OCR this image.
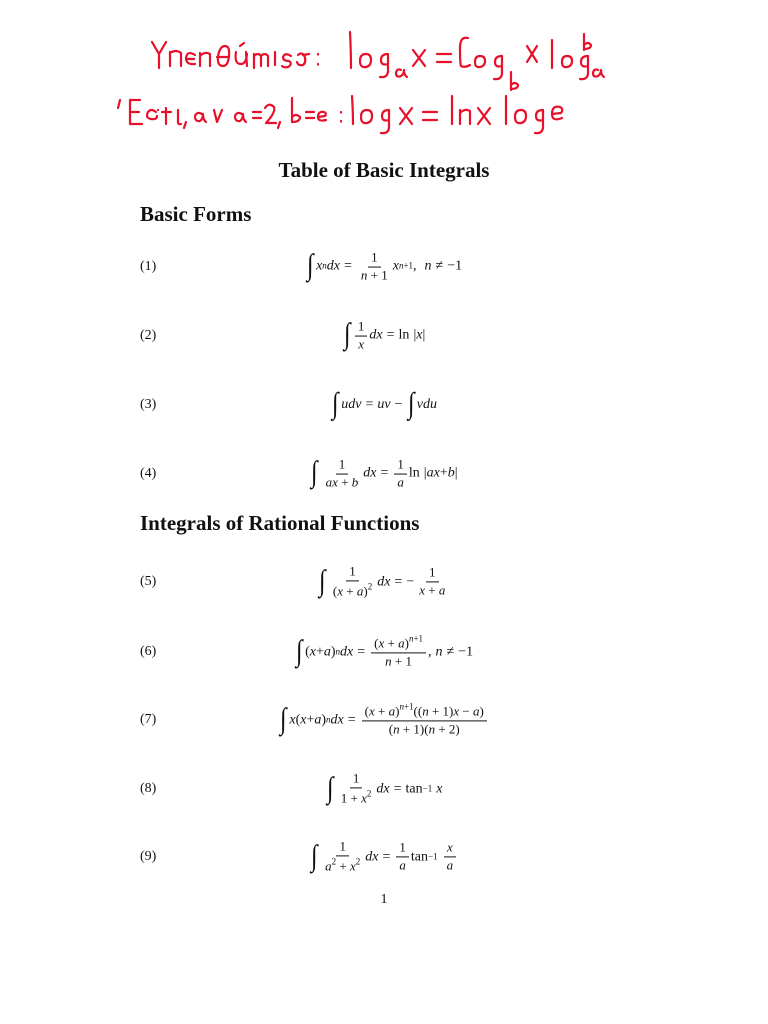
Table of Basic Integrals
Basic Forms
(1)	∫ $x^n$ dx = $\frac{1}{n + 1}$ x $^{n+1}$ , n ≠ −1
(2)	∫ $\frac{1}{x}$ dx = ln | x |
(3)	∫ udv = uv − ∫ vdu
(4)	∫ $\frac{1}{ax + b}$ dx = $\frac{1}{a}$ ln | ax + b |
Integrals of Rational Functions
(5)	∫ $\frac{1}{(x + a)^2}$ dx = − $\frac{1}{x + a}$
(6)	∫ ( x + a )$^n$ dx = $\frac{(x + a)^{n+1}}{n + 1}$ , n ≠ −1
(7)	∫ x ( x + a )$^n$ dx = $\frac{(x + a)^{n+1}((n + 1)x - a)}{(n + 1)(n + 2)}$
(8)	∫ $\frac{1}{1 + x^2}$ dx = $\tan^{-1} x$
(9)	∫ $\frac{1}{a^2 + x^2}$ dx = $\frac{1}{a} \tan^{-1} \frac{x}{a}$
1
